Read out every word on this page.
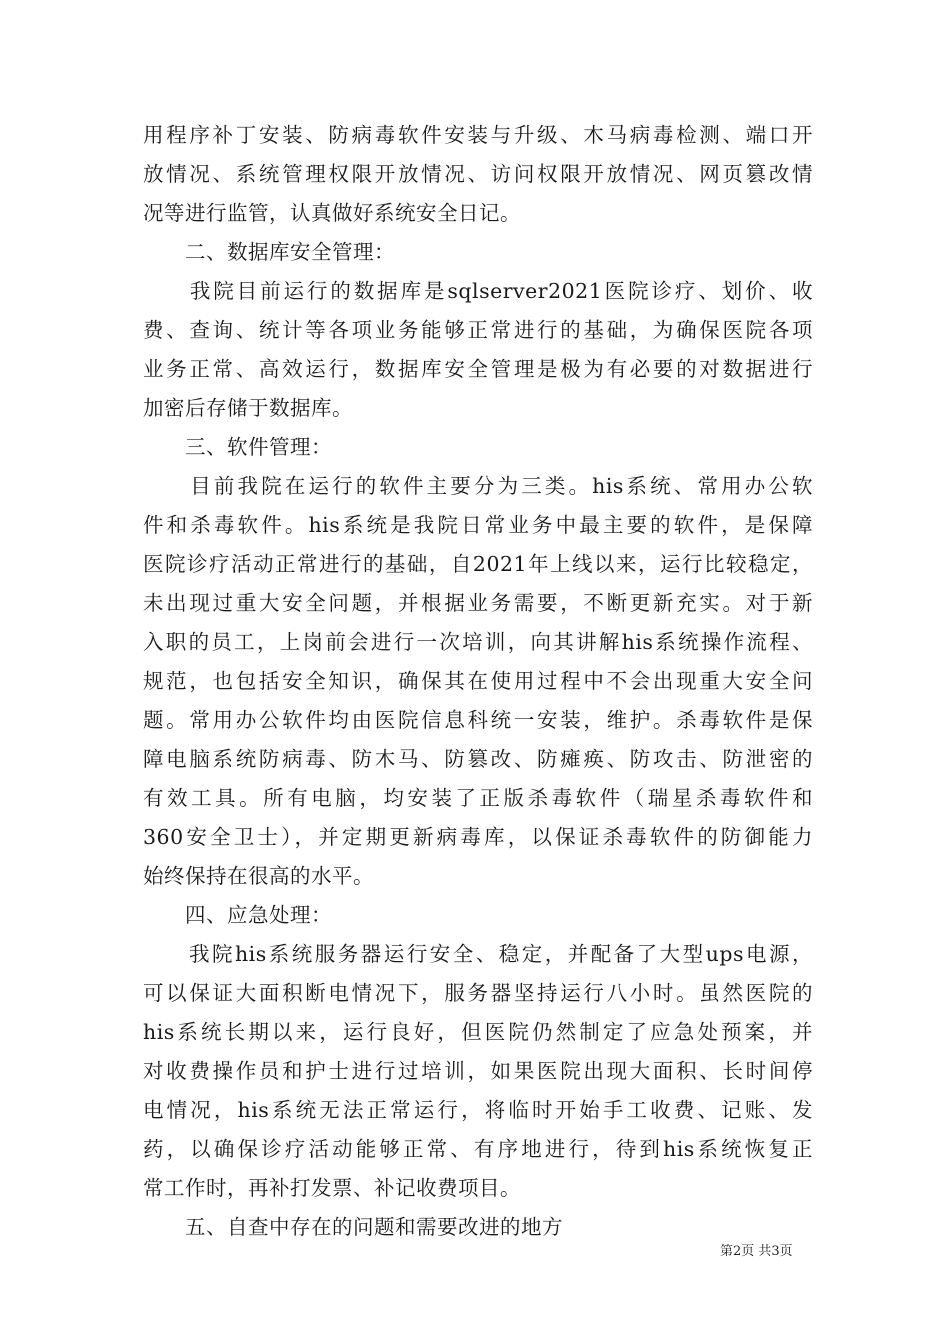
用程序补丁安装、防病毒软件安装与升级、木马病毒检测、端口开
放情况、系统管理权限开放情况、访问权限开放情况、网页篡改情
况等进行监管，认真做好系统安全日记。
　　二、数据库安全管理：
　　我院目前运行的数据库是sqlserver2021医院诊疗、划价、收
费、查询、统计等各项业务能够正常进行的基础，为确保医院各项
业务正常、高效运行，数据库安全管理是极为有必要的对数据进行
加密后存储于数据库。
　　三、软件管理：
　　目前我院在运行的软件主要分为三类。his系统、常用办公软
件和杀毒软件。his系统是我院日常业务中最主要的软件，是保障
医院诊疗活动正常进行的基础，自2021年上线以来，运行比较稳定，
未出现过重大安全问题，并根据业务需要，不断更新充实。对于新
入职的员工，上岗前会进行一次培训，向其讲解his系统操作流程、
规范，也包括安全知识，确保其在使用过程中不会出现重大安全问
题。常用办公软件均由医院信息科统一安装，维护。杀毒软件是保
障电脑系统防病毒、防木马、防篡改、防瘫痪、防攻击、防泄密的
有效工具。所有电脑，均安装了正版杀毒软件（瑞星杀毒软件和
360安全卫士），并定期更新病毒库，以保证杀毒软件的防御能力
始终保持在很高的水平。
　　四、应急处理：
　　我院his系统服务器运行安全、稳定，并配备了大型ups电源，
可以保证大面积断电情况下，服务器坚持运行八小时。虽然医院的
his系统长期以来，运行良好，但医院仍然制定了应急处预案，并
对收费操作员和护士进行过培训，如果医院出现大面积、长时间停
电情况，his系统无法正常运行，将临时开始手工收费、记账、发
药，以确保诊疗活动能够正常、有序地进行，待到his系统恢复正
常工作时，再补打发票、补记收费项目。
　　五、自查中存在的问题和需要改进的地方
第2页 共3页
